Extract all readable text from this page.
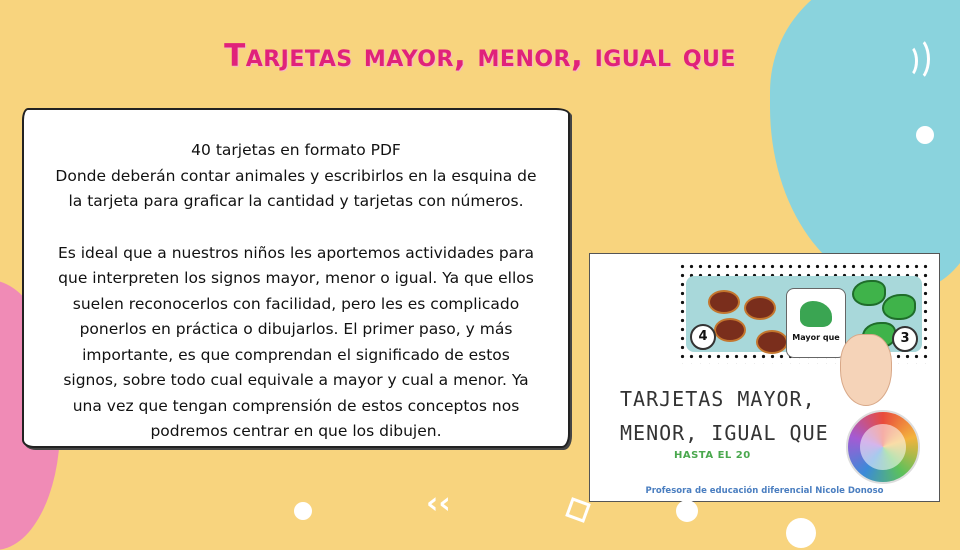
Tarjetas mayor, menor, igual que

40 tarjetas en formato PDF

Donde deberán contar animales y escribirlos en la esquina de

la tarjeta para graficar la cantidad y tarjetas con números.

Es ideal que a nuestros niños les aportemos actividades para

que interpreten los signos mayor, menor o igual. Ya que ellos

suelen reconocerlos con facilidad, pero les es complicado

ponerlos en práctica o dibujarlos. El primer paso, y más

importante, es que comprendan el significado de estos

signos, sobre todo cual equivale a mayor y cual a menor. Ya

una vez que tengan comprensión de estos conceptos nos

podremos centrar en que los dibujen.

4	3
Mayor que
TARJETAS MAYOR,
MENOR, IGUAL QUE
HASTA EL 20
Profesora de educación diferencial Nicole Donoso
‹‹
